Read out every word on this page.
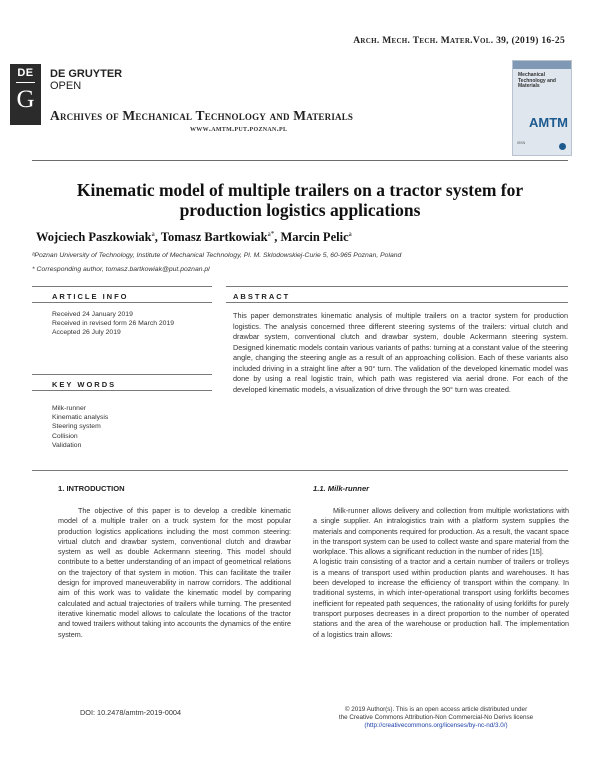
Arch. Mech. Tech. Mater.Vol. 39, (2019) 16-25
DE
G
DE GRUYTER
OPEN
Archives of Mechanical Technology and Materials
www.amtm.put.poznan.pl
Mechanical Technology and Materials
AMTM
ISSN
Kinematic model of multiple trailers on a tractor system for production logistics applications
Wojciech Paszkowiak$^a$, Tomasz Bartkowiak$^{a*}$, Marcin Pelic$^a$
ᵃPoznan University of Technology, Institute of Mechanical Technology, Pl. M. Sklodowskiej-Curie 5, 60-965 Poznan, Poland
* Corresponding author, tomasz.bartkowiak@put.poznan.pl
ARTICLE INFO
Received 24 January 2019
Received in revised form 26 March 2019
Accepted 26 July 2019
KEY WORDS
Milk-runner
Kinematic analysis
Steering system
Collision
Validation
ABSTRACT
This paper demonstrates kinematic analysis of multiple trailers on a tractor system for production logistics. The analysis concerned three different steering systems of the trailers: virtual clutch and drawbar system, conventional clutch and drawbar system, double Ackermann steering system. Designed kinematic models contain various variants of paths: turning at a constant value of the steering angle, changing the steering angle as a result of an approaching collision. Each of these variants also included driving in a straight line after a 90° turn. The validation of the developed kinematic model was done by using a real logistic train, which path was registered via aerial drone. For each of the developed kinematic models, a visualization of drive through the 90° turn was created.
1. INTRODUCTION

The objective of this paper is to develop a credible kinematic model of a multiple trailer on a truck system for the most popular production logistics applications including the most common steering: virtual clutch and drawbar system, conventional clutch and drawbar system as well as double Ackermann steering. This model should contribute to a better understanding of an impact of geometrical relations on the trajectory of that system in motion. This can facilitate the trailer design for improved maneuverability in narrow corridors. The additional aim of this work was to validate the kinematic model by comparing calculated and actual trajectories of trailers while turning. The presented iterative kinematic model allows to calculate the locations of the tractor and towed trailers without taking into accounts the dynamics of the entire system.

1.1. Milk-runner

Milk-runner allows delivery and collection from multiple workstations with a single supplier. An intralogistics train with a platform system supplies the materials and components required for production. As a result, the vacant space in the transport system can be used to collect waste and spare material from the workplace. This allows a significant reduction in the number of rides [15].

A logistic train consisting of a tractor and a certain number of trailers or trolleys is a means of transport used within production plants and warehouses. It has been developed to increase the efficiency of transport within the company. In traditional systems, in which inter-operational transport using forklifts becomes inefficient for repeated path sequences, the rationality of using forklifts for purely transport purposes decreases in a direct proportion to the number of operated stations and the area of the warehouse or production hall. The implementation of a logistics train allows:

DOI: 10.2478/amtm-2019-0004	© 2019 Author(s). This is an open access article distributed under
the Creative Commons Attribution-Non Commercial-No Derivs license
(http://creativecommons.org/licenses/by-nc-nd/3.0/)
